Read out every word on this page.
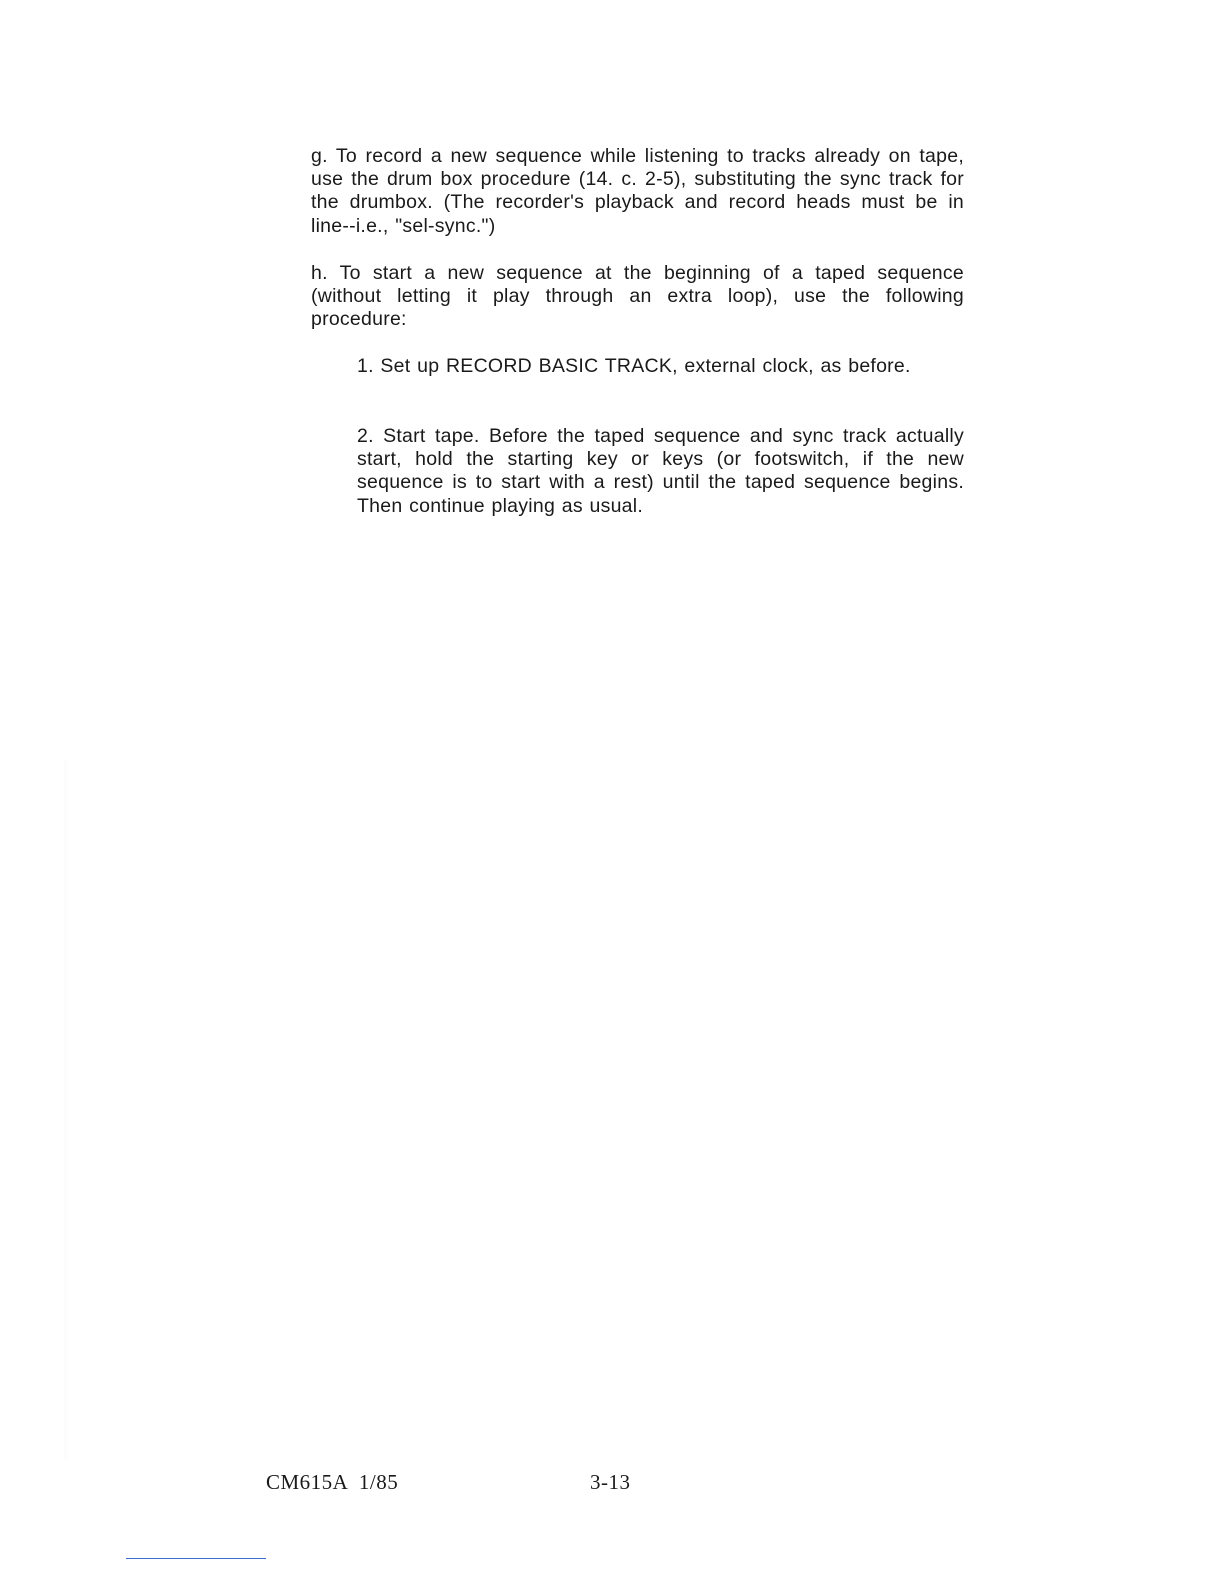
g. To record a new sequence while listening to tracks already on tape, use the drum box procedure (14. c. 2-5), substituting the sync track for the drumbox. (The recorder's playback and record heads must be in line--i.e., "sel-sync.")

h. To start a new sequence at the beginning of a taped sequence (without letting it play through an extra loop), use the following procedure:

1. Set up RECORD BASIC TRACK, external clock, as before.

2. Start tape. Before the taped sequence and sync track actually start, hold the starting key or keys (or footswitch, if the new sequence is to start with a rest) until the taped sequence begins. Then continue playing as usual.

CM615A 1/85	3-13
